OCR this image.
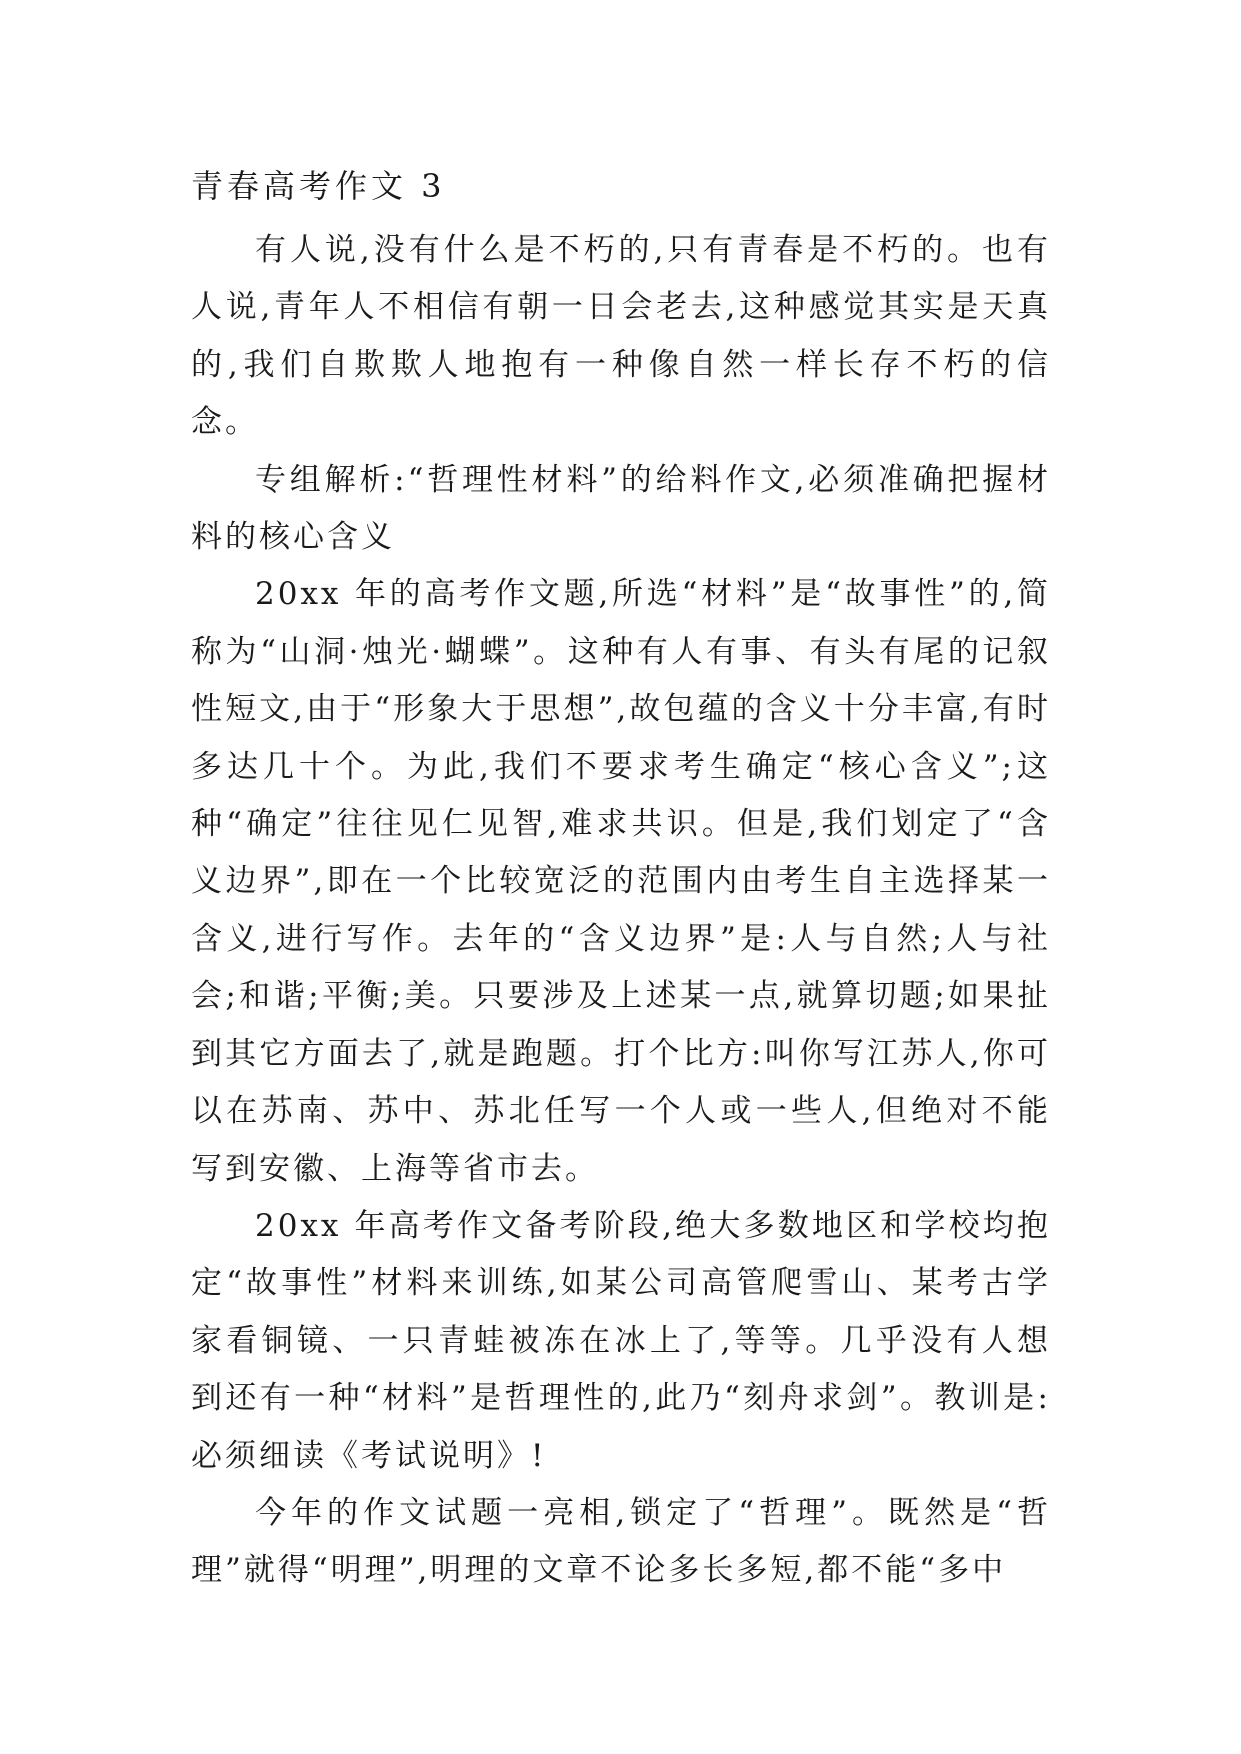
青春高考作文 3

有人说,没有什么是不朽的,只有青春是不朽的。也有人说,青年人不相信有朝一日会老去,这种感觉其实是天真的,我们自欺欺人地抱有一种像自然一样长存不朽的信念。

专组解析:“哲理性材料”的给料作文,必须准确把握材料的核心含义

20xx 年的高考作文题,所选“材料”是“故事性”的,简称为“山洞·烛光·蝴蝶”。这种有人有事、有头有尾的记叙性短文,由于“形象大于思想”,故包蕴的含义十分丰富,有时多达几十个。为此,我们不要求考生确定“核心含义”;这种“确定”往往见仁见智,难求共识。但是,我们划定了“含义边界”,即在一个比较宽泛的范围内由考生自主选择某一含义,进行写作。去年的“含义边界”是:人与自然;人与社会;和谐;平衡;美。只要涉及上述某一点,就算切题;如果扯到其它方面去了,就是跑题。打个比方:叫你写江苏人,你可以在苏南、苏中、苏北任写一个人或一些人,但绝对不能写到安徽、上海等省市去。

20xx 年高考作文备考阶段,绝大多数地区和学校均抱定“故事性”材料来训练,如某公司高管爬雪山、某考古学家看铜镜、一只青蛙被冻在冰上了,等等。几乎没有人想到还有一种“材料”是哲理性的,此乃“刻舟求剑”。教训是:必须细读《考试说明》!

今年的作文试题一亮相,锁定了“哲理”。既然是“哲理”就得“明理”,明理的文章不论多长多短,都不能“多中
